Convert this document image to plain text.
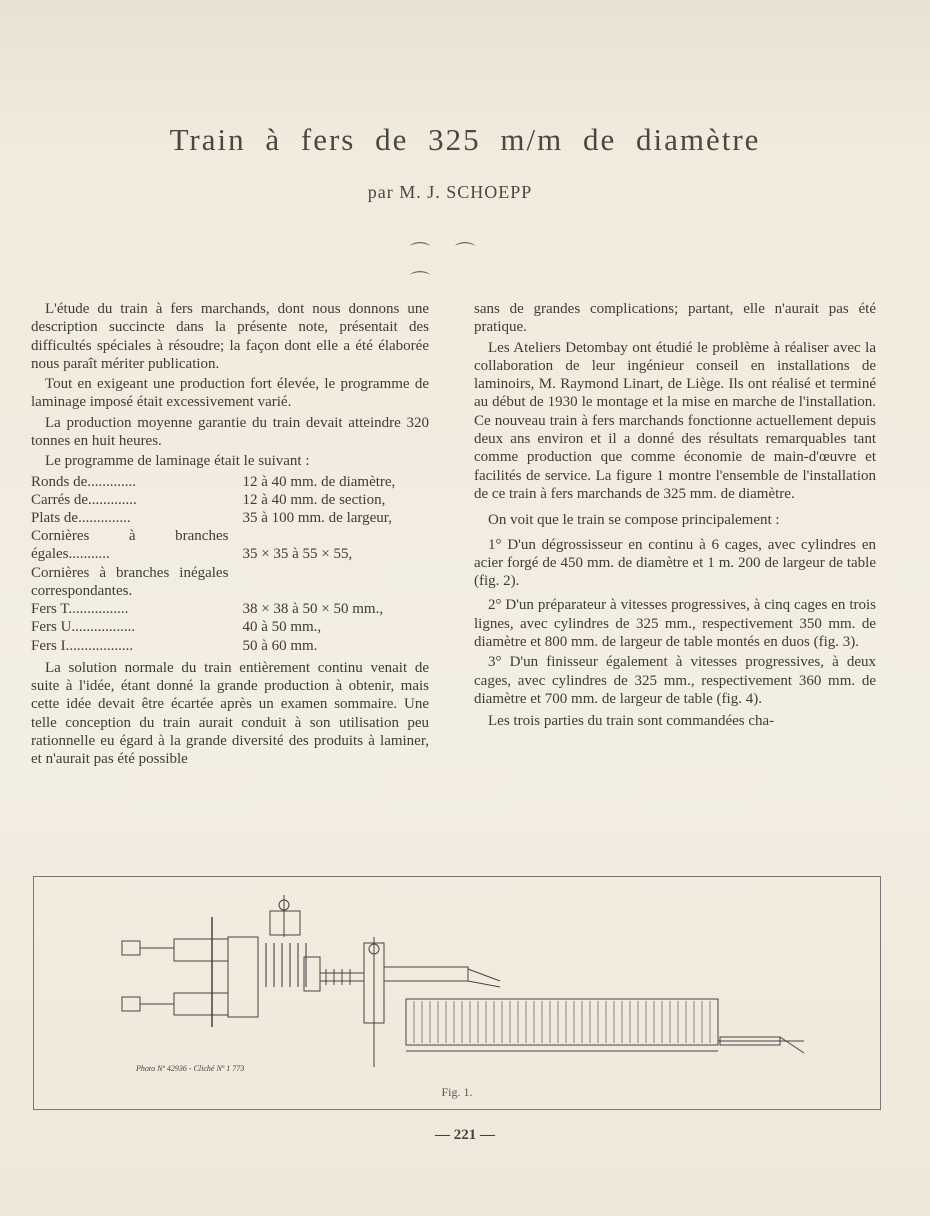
Train à fers de 325 m/m de diamètre
par M. J. SCHOEPP
⌒ ⌒ ⌒

L'étude du train à fers marchands, dont nous donnons une description succincte dans la présente note, présentait des difficultés spéciales à résoudre; la façon dont elle a été élaborée nous paraît mériter publication.

Tout en exigeant une production fort élevée, le programme de laminage imposé était excessivement varié.

La production moyenne garantie du train devait atteindre 320 tonnes en huit heures.

Le programme de laminage était le suivant :

Ronds de.............	12 à 40 mm. de diamètre,
Carrés de.............	12 à 40 mm. de section,
Plats de..............	35 à 100 mm. de largeur,
Cornières à branches égales...........	35 × 35 à 55 × 55,
Cornières à branches inégales correspondantes.	
Fers T................	38 × 38 à 50 × 50 mm.,
Fers U.................	40 à 50 mm.,
Fers I..................	50 à 60 mm.

La solution normale du train entièrement continu venait de suite à l'idée, étant donné la grande production à obtenir, mais cette idée devait être écartée après un examen sommaire. Une telle conception du train aurait conduit à son utilisation peu rationnelle eu égard à la grande diversité des produits à laminer, et n'aurait pas été possible

sans de grandes complications; partant, elle n'aurait pas été pratique.

Les Ateliers Detombay ont étudié le problème à réaliser avec la collaboration de leur ingénieur conseil en installations de laminoirs, M. Raymond Linart, de Liège. Ils ont réalisé et terminé au début de 1930 le montage et la mise en marche de l'installation. Ce nouveau train à fers marchands fonctionne actuellement depuis deux ans environ et il a donné des résultats remarquables tant comme production que comme économie de main-d'œuvre et facilités de service. La figure 1 montre l'ensemble de l'installation de ce train à fers marchands de 325 mm. de diamètre.

On voit que le train se compose principalement :

1° D'un dégrossisseur en continu à 6 cages, avec cylindres en acier forgé de 450 mm. de diamètre et 1 m. 200 de largeur de table (fig. 2).

2° D'un préparateur à vitesses progressives, à cinq cages en trois lignes, avec cylindres de 325 mm., respectivement 350 mm. de diamètre et 800 mm. de largeur de table montés en duos (fig. 3).

3° D'un finisseur également à vitesses progressives, à deux cages, avec cylindres de 325 mm., respectivement 360 mm. de diamètre et 700 mm. de largeur de table (fig. 4).

Les trois parties du train sont commandées cha-

Photo Nº 42936 - Cliché Nº 1 773
Fig. 1.
— 221 —
